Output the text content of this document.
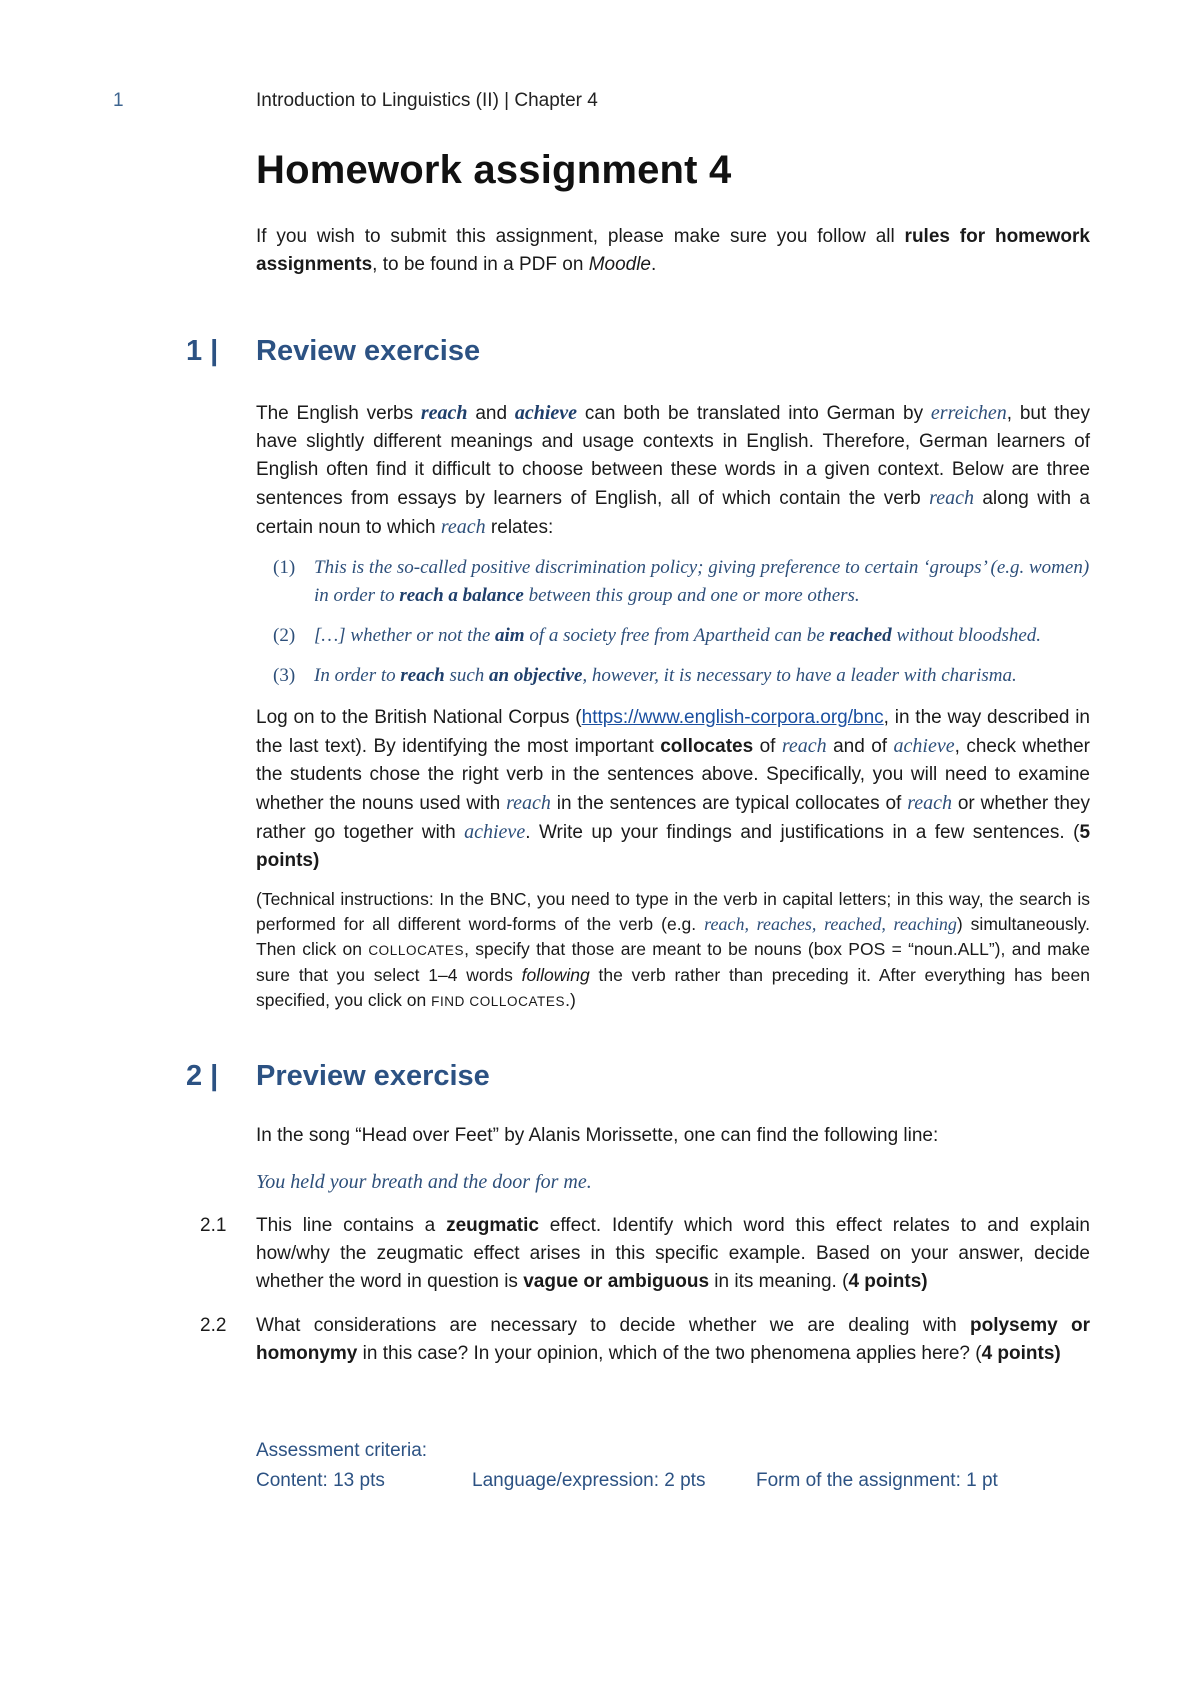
1	Introduction to Linguistics (II) | Chapter 4
Homework assignment 4

If you wish to submit this assignment, please make sure you follow all rules for homework assignments, to be found in a PDF on Moodle.

1 | Review exercise

The English verbs reach and achieve can both be translated into German by erreichen, but they have slightly different meanings and usage contexts in English. Therefore, German learners of English often find it difficult to choose between these words in a given context. Below are three sentences from essays by learners of English, all of which contain the verb reach along with a certain noun to which reach relates:

(1) This is the so-called positive discrimination policy; giving preference to certain ‘groups’ (e.g. women) in order to reach a balance between this group and one or more others.
(2) […] whether or not the aim of a society free from Apartheid can be reached without bloodshed.
(3) In order to reach such an objective, however, it is necessary to have a leader with charisma.

Log on to the British National Corpus (https://www.english-corpora.org/bnc, in the way described in the last text). By identifying the most important collocates of reach and of achieve, check whether the students chose the right verb in the sentences above. Specifically, you will need to examine whether the nouns used with reach in the sentences are typical collocates of reach or whether they rather go together with achieve. Write up your findings and justifications in a few sentences. (5 points)

(Technical instructions: In the BNC, you need to type in the verb in capital letters; in this way, the search is performed for all different word-forms of the verb (e.g. reach, reaches, reached, reaching) simultaneously. Then click on COLLOCATES, specify that those are meant to be nouns (box POS = “noun.ALL”), and make sure that you select 1–4 words following the verb rather than preceding it. After everything has been specified, you click on FIND COLLOCATES.)

2 | Preview exercise

In the song “Head over Feet” by Alanis Morissette, one can find the following line:

You held your breath and the door for me.

2.1 This line contains a zeugmatic effect. Identify which word this effect relates to and explain how/why the zeugmatic effect arises in this specific example. Based on your answer, decide whether the word in question is vague or ambiguous in its meaning. (4 points)

2.2 What considerations are necessary to decide whether we are dealing with polysemy or homonymy in this case? In your opinion, which of the two phenomena applies here? (4 points)

Assessment criteria:
Content: 13 pts	Language/expression: 2 pts	Form of the assignment: 1 pt
